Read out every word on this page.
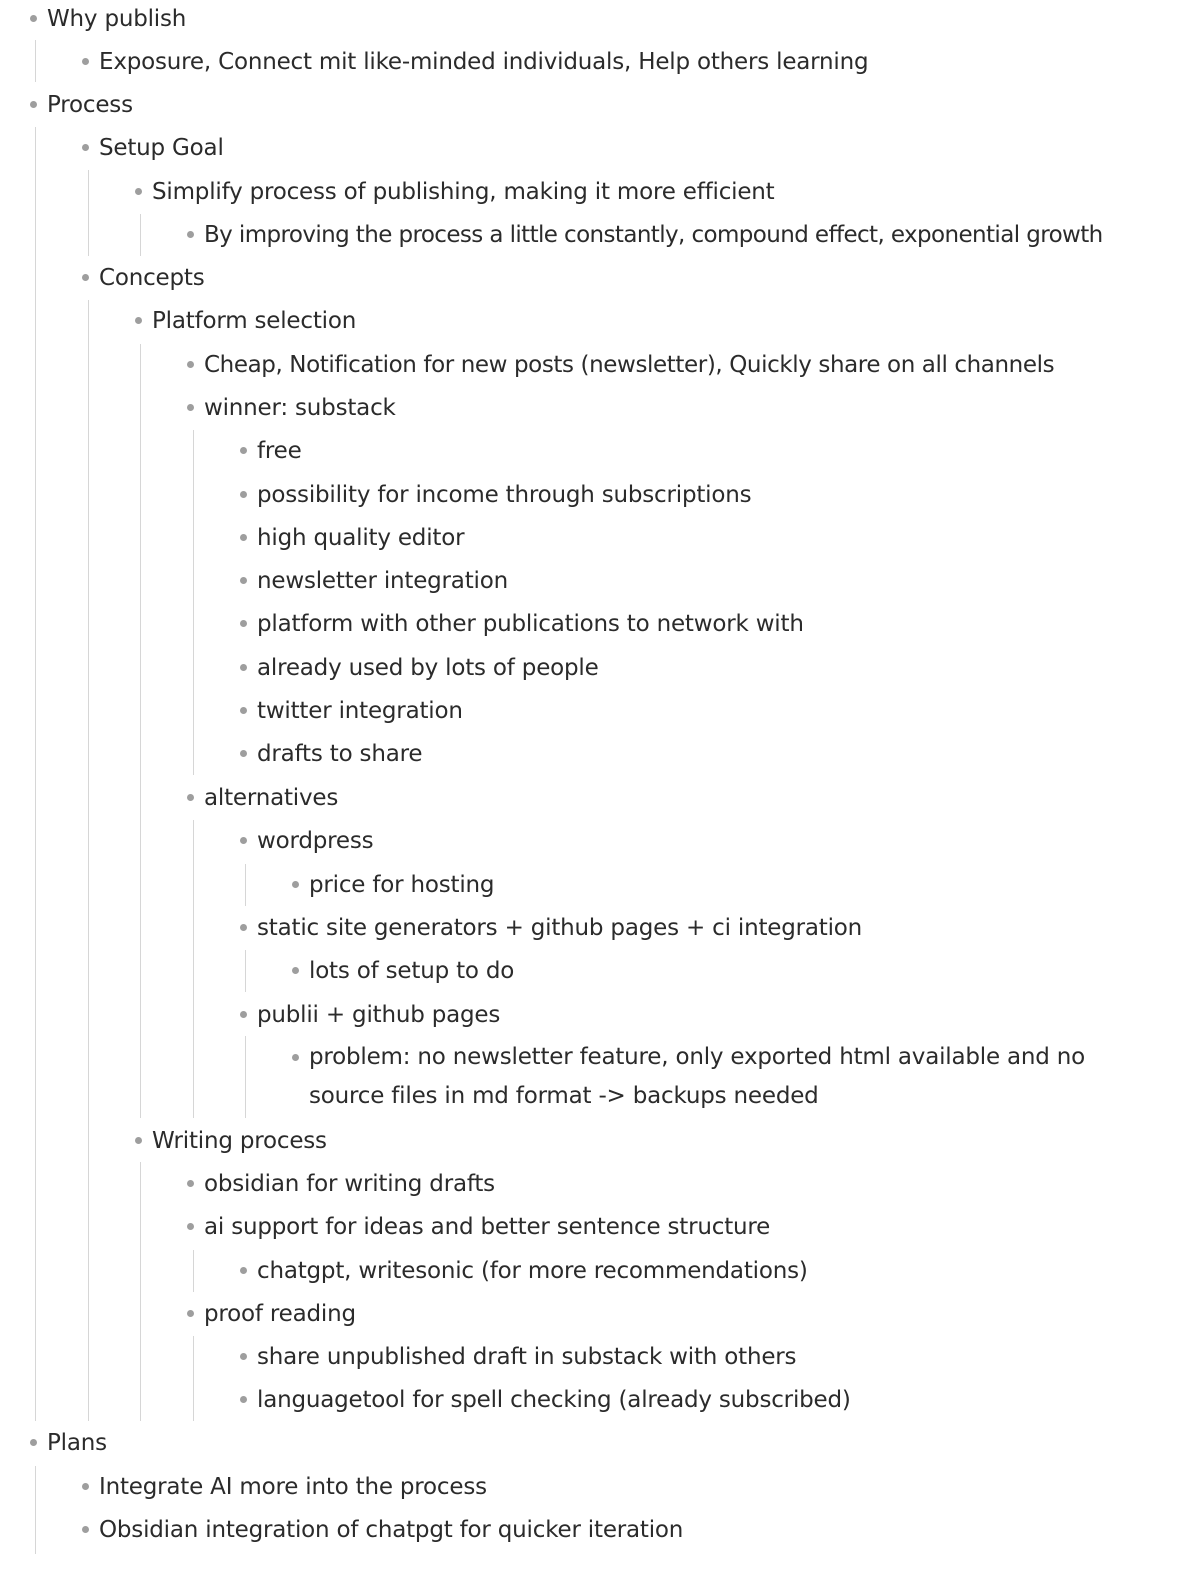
Why publish
Exposure, Connect mit like-minded individuals, Help others learning
Process
Setup Goal
Simplify process of publishing, making it more efficient
By improving the process a little constantly, compound effect, exponential growth
Concepts
Platform selection
Cheap, Notification for new posts (newsletter), Quickly share on all channels
winner: substack
free
possibility for income through subscriptions
high quality editor
newsletter integration
platform with other publications to network with
already used by lots of people
twitter integration
drafts to share
alternatives
wordpress
price for hosting
static site generators + github pages + ci integration
lots of setup to do
publii + github pages
problem: no newsletter feature, only exported html available and no source files in md format -> backups needed
Writing process
obsidian for writing drafts
ai support for ideas and better sentence structure
chatgpt, writesonic (for more recommendations)
proof reading
share unpublished draft in substack with others
languagetool for spell checking (already subscribed)
Plans
Integrate AI more into the process
Obsidian integration of chatpgt for quicker iteration
